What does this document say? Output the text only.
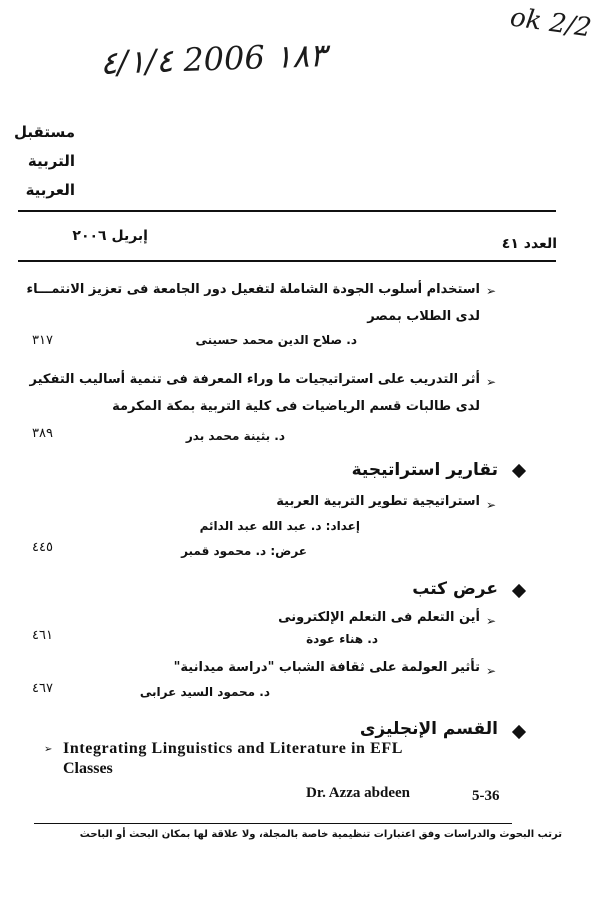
ok 2/2
٤/١/٤ 2006 ١٨٣
مستقبل
التربية
العربية
العدد ٤١
إبريل ٢٠٠٦
➢
استخدام أسلوب الجودة الشاملة لتفعيل دور الجامعة فى تعزيز الانتمـــاء
لدى الطلاب بمصر
د. صلاح الدين محمد حسينى
٣١٧
➢
أثر التدريب على استراتيجيات ما وراء المعرفة فى تنمية أساليب التفكير
لدى طالبات قسم الرياضيات فى كلية التربية بمكة المكرمة
د. بثينة محمد بدر
٣٨٩
تقارير استراتيجية
➢
استراتيجية تطوير التربية العربية
إعداد: د. عبد الله عبد الدائم
عرض: د. محمود قمبر
٤٤٥
عرض كتب
➢
أين التعلم فى التعلم الإلكترونى
د. هناء عودة
٤٦١
➢
تأثير العولمة على ثقافة الشباب "دراسة ميدانية"
د. محمود السيد عرابى
٤٦٧
القسم الإنجليزى
➢ Integrating Linguistics and Literature in EFL
Classes
Dr. Azza abdeen	5-36
ترتب البحوث والدراسات وفق اعتبارات تنظيمية خاصة بالمجلة، ولا علاقة لها بمكان البحث أو الباحث
